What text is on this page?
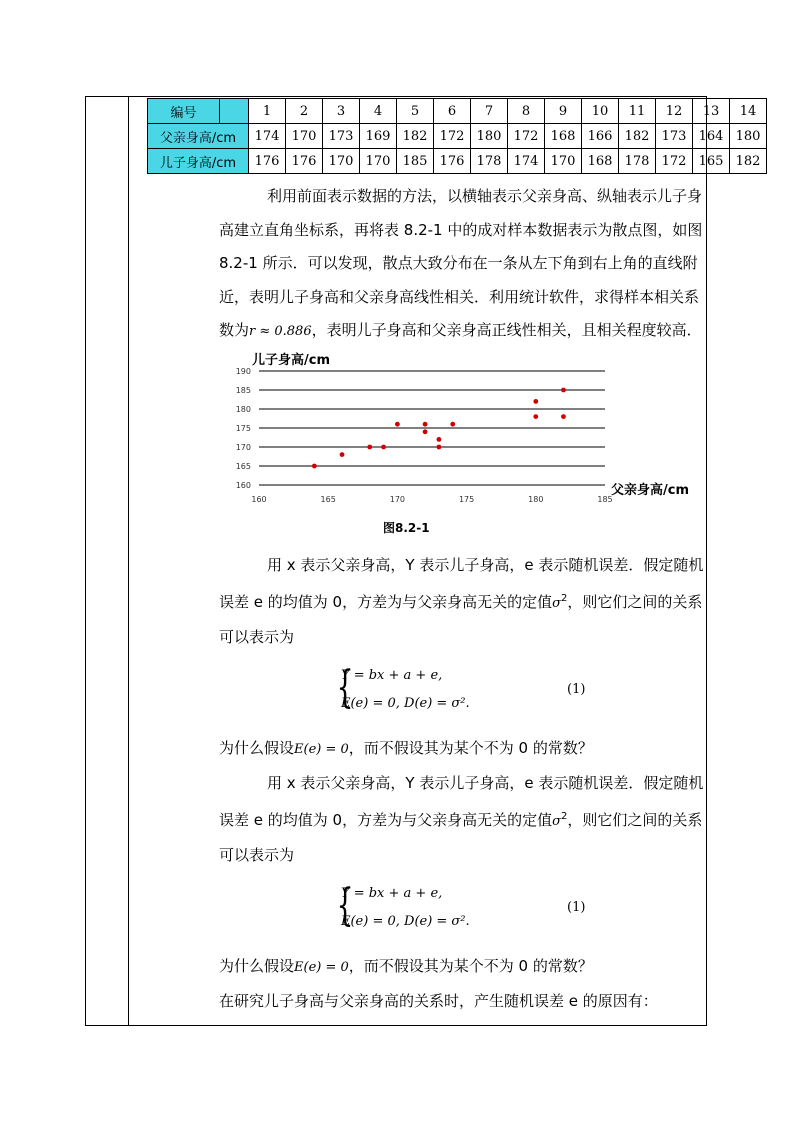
编号		1	2	3	4	5	6	7	8	9	10	11	12	13	14
父亲身高/cm		174	170	173	169	182	172	180	172	168	166	182	173	164	180
儿子身高/cm		176	176	170	170	185	176	178	174	170	168	178	172	165	182

利用前面表示数据的方法，以横轴表示父亲身高、纵轴表示儿子身高建立直角坐标系，再将表 8.2-1 中的成对样本数据表示为散点图，如图 8.2-1 所示．可以发现，散点大致分布在一条从左下角到右上角的直线附近，表明儿子身高和父亲身高线性相关．利用统计软件，求得样本相关系数为r ≈ 0.886，表明儿子身高和父亲身高正线性相关，且相关程度较高．

儿子身高/cm
父亲身高/cm
160
165
170
175
180
185
190
160	165	170	175	180	185
图8.2-1

用 x 表示父亲身高，Y 表示儿子身高，e 表示随机误差．假定随机误差 e 的均值为 0，方差为与父亲身高无关的定值$\sigma^2$，则它们之间的关系可以表示为

{
Y = bx + a + e,
E(e) = 0, D(e) = σ².
(1)

为什么假设E(e) = 0，而不假设其为某个不为 0 的常数？

用 x 表示父亲身高，Y 表示儿子身高，e 表示随机误差．假定随机误差 e 的均值为 0，方差为与父亲身高无关的定值$\sigma^2$，则它们之间的关系可以表示为

{
Y = bx + a + e,
E(e) = 0, D(e) = σ².
(1)

为什么假设E(e) = 0，而不假设其为某个不为 0 的常数？

在研究儿子身高与父亲身高的关系时，产生随机误差 e 的原因有：
